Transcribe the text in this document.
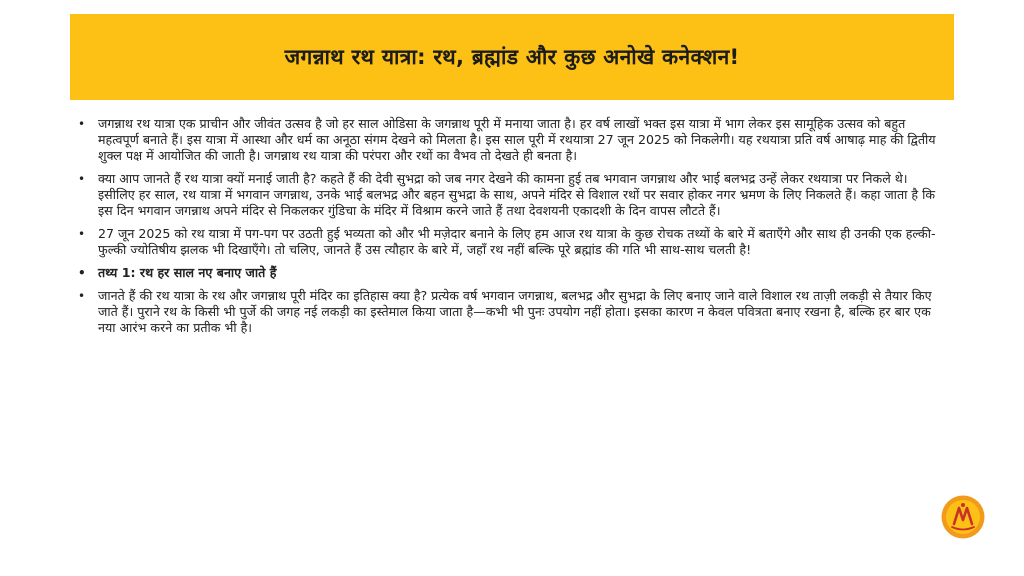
जगन्नाथ रथ यात्रा: रथ, ब्रह्मांड और कुछ अनोखे कनेक्शन!
• जगन्नाथ रथ यात्रा एक प्राचीन और जीवंत उत्सव है जो हर साल ओडिसा के जगन्नाथ पूरी में मनाया जाता है। हर वर्ष लाखों भक्त इस यात्रा में भाग लेकर इस सामूहिक उत्सव को बहुत महत्वपूर्ण बनाते हैं। इस यात्रा में आस्था और धर्म का अनूठा संगम देखने को मिलता है। इस साल पूरी में रथयात्रा 27 जून 2025 को निकलेगी। यह रथयात्रा प्रति वर्ष आषाढ़ माह की द्वितीय शुक्ल पक्ष में आयोजित की जाती है। जगन्नाथ रथ यात्रा की परंपरा और रथों का वैभव तो देखते ही बनता है।
• क्या आप जानते हैं रथ यात्रा क्यों मनाई जाती है? कहते हैं की देवी सुभद्रा को जब नगर देखने की कामना हुई तब भगवान जगन्नाथ और भाई बलभद्र उन्हें लेकर रथयात्रा पर निकले थे। इसीलिए हर साल, रथ यात्रा में भगवान जगन्नाथ, उनके भाई बलभद्र और बहन सुभद्रा के साथ, अपने मंदिर से विशाल रथों पर सवार होकर नगर भ्रमण के लिए निकलते हैं। कहा जाता है कि इस दिन भगवान जगन्नाथ अपने मंदिर से निकलकर गुंडिचा के मंदिर में विश्राम करने जाते हैं तथा देवशयनी एकादशी के दिन वापस लौटते हैं।
• 27 जून 2025 को रथ यात्रा में पग-पग पर उठती हुई भव्यता को और भी मज़ेदार बनाने के लिए हम आज रथ यात्रा के कुछ रोचक तथ्यों के बारे में बताएँगे और साथ ही उनकी एक हल्की-फुल्की ज्योतिषीय झलक भी दिखाएँगे। तो चलिए, जानते हैं उस त्यौहार के बारे में, जहाँ रथ नहीं बल्कि पूरे ब्रह्मांड की गति भी साथ-साथ चलती है!
• तथ्य 1: रथ हर साल नए बनाए जाते हैं
• जानते हैं की रथ यात्रा के रथ और जगन्नाथ पूरी मंदिर का इतिहास क्या है? प्रत्येक वर्ष भगवान जगन्नाथ, बलभद्र और सुभद्रा के लिए बनाए जाने वाले विशाल रथ ताज़ी लकड़ी से तैयार किए जाते हैं। पुराने रथ के किसी भी पुर्जे की जगह नई लकड़ी का इस्तेमाल किया जाता है—कभी भी पुनः उपयोग नहीं होता। इसका कारण न केवल पवित्रता बनाए रखना है, बल्कि हर बार एक नया आरंभ करने का प्रतीक भी है।
